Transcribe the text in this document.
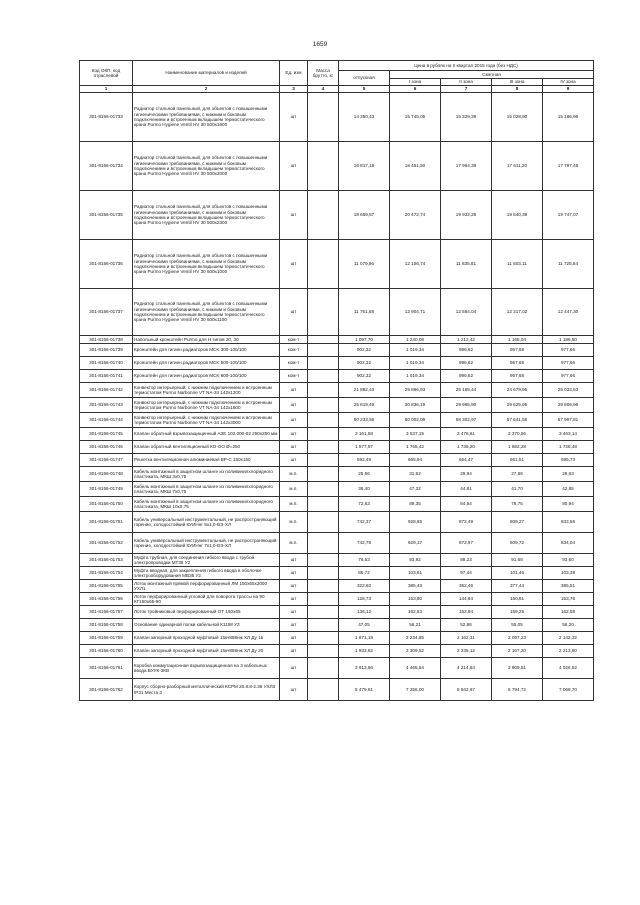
1659
Код ОКП, код отраслевой	Наименование материалов и изделий	Ед. изм	Масса брутто, кг	Цена в рублях на II квартал 2015 года (без НДС)				
				отпускная	Сметная			
					I зона	II зона	III зона	IV зона
1	2	3	4	5	6	7	8	9
301-8156-01733	Радиатор стальной панельный, для объектов с повышенными гигиеническими требованиями, с нижним и боковым подключением и встроенным вкладышем термостатического крана Purmo Hygiene Ventil HV 30 500x1600	шт		14 350,43	15 745,05	15 329,39	15 028,90	15 186,96
301-8156-01734	Радиатор стальной панельный, для объектов с повышенными гигиеническими требованиями, с нижним и боковым подключением и встроенным вкладышем термостатического крана Purmo Hygiene Ventil HV 30 500x2000	шт		16 817,18	18 451,50	17 964,39	17 611,20	17 797,48
301-8156-01735	Радиатор стальной панельный, для объектов с повышенными гигиеническими требованиями, с нижним и боковым подключением и встроенным вкладышем термостатического крана Purmo Hygiene Ventil HV 30 500x2300	шт		18 659,57	20 472,74	19 932,28	19 540,39	19 747,07
301-8156-01736	Радиатор стальной панельный, для объектов с повышенными гигиеническими требованиями, с нижним и боковым подключением и встроенным вкладышем термостатического крана Purmo Hygiene Ventil HV 30 600x1000	шт		11 079,96	12 156,74	11 835,81	11 603,11	11 725,84
301-8156-01737	Радиатор стальной панельный, для объектов с повышенными гигиеническими требованиями, с нижним и боковым подключением и встроенным вкладышем термостатического крана Purmo Hygiene Ventil HV 30 600x1100	шт		11 761,68	12 904,71	12 564,04	12 317,02	12 447,30
301-8156-01738	Напольный кронштейн Purmo для H типов 20, 30	ком-т		1 097,70	1 240,08	1 212,42	1 165,04	1 186,50
301-8156-01739	Кронштейн для гигиен.радиаторов MCK 300-100/100	ком-т		902,32	1 019,34	996,62	957,68	977,66
301-8156-01740	Кронштейн для гигиен.радиаторов MCK 500-100/100	ком-т		902,32	1 019,34	996,62	957,68	977,66
301-8156-01741	Кронштейн для гигиен.радиаторов MCK 600-100/100	ком-т		902,32	1 019,34	996,62	957,68	977,66
301-8156-01742	Конвектор интерьерный, с нижним подключением и встроенным термостатом Purmo Narbonne VT NA-34 142x1200	шт		21 882,43	25 896,93	25 165,44	24 679,95	25 033,63
301-8156-01743	Конвектор интерьерный, с нижним подключением и встроенным термостатом Purmo Narbonne VT NA-34 142x1600	шт		25 819,49	30 836,19	29 965,90	29 625,95	29 806,96
301-8156-01744	Конвектор интерьерный, с нижним подключением и встроенным термостатом Purmo Narbonne VT NA-34 142x3000	шт		50 233,56	60 002,09	58 302,97	57 641,55	57 997,81
301-8156-01745	Клапан обратный взрывозащищенный АЗЕ 102.000-02 250x250 мм	шт		3 161,58	3 537,15	3 476,61	3 370,56	3 463,14
301-8156-01746	Клапан обратный вентиляционный КО-ОО Ø=250	шт		1 577,97	1 765,42	1 735,20	1 682,28	1 728,48
301-8156-01747	Решетка вентиляционная алюминиевая ВР-С 150x150	шт		592,49	665,94	654,47	661,51	695,73
301-8156-01748	Кабель монтажный в защитном шланге из поливинилхлоридного пластиката, МКШ 3x0,75	м.п.		25,66	31,62	29,94	27,86	28,63
301-8156-01749	Кабель монтажный в защитном шланге из поливинилхлоридного пластиката, МКШ 7x0,75	м.п.		36,40	47,32	44,81	41,70	42,85
301-8156-01750	Кабель монтажный в защитном шланге из поливинилхлоридного пластиката, МКШ 10x0,75	м.п.		72,53	89,35	84,64	78,75	80,94
301-8156-01751	Кабель универсальный инструментальный, не распространяющий горение, холодостойкий КУИНнг 5x1,0-ВЭ-ХЛ	м.п.		742,37	928,65	872,49	809,27	833,56
301-8156-01752	Кабель универсальный инструментальный, не распространяющий горение, холодостойкий КУИНнг 7x1,0-ВЭ-ХЛ	м.п.		742,78	929,17	872,97	809,72	834,04
301-8156-01753	Муфта трубная, для соединения гибкого ввода с трубой электропроводки МТ35 У2	шт		76,53	93,92	88,23	91,68	93,60
301-8156-01754	Муфта вводная, для закрепления гибкого ввода в оболочке электрооборудования МВ36 У2	шт		86,72	103,61	97,44	101,46	103,38
301-8156-01755	Лоток монтажный прямой перфорированный ЛМ 150x65x2000 УХЛ1	шт		322,60	385,43	362,46	377,44	385,51
301-8156-01756	Лоток перфорированный угловой для поворота трассы на 90 КГ150x65-90	шт		128,73	153,80	144,64	150,61	153,76
301-8156-01757	Лоток тройниковый перфорированный ОТ 150x65	шт		136,12	162,63	152,94	159,25	162,58
301-8156-01758	Основание одинарной полки кабельной К1158 УЗ	шт		47,05	56,21	52,86	55,05	56,20
301-8156-01759	Клапан запорный проходной муфтовый 15кч888нж ХЛ Ду 15	шт		1 871,19	2 234,65	2 162,31	2 097,23	2 142,32
301-8156-01760	Клапан запорный проходной муфтовый 15кч888нж ХЛ Ду 20	шт		1 933,82	2 309,52	2 235,12	2 167,20	2 213,80
301-8156-01761	Коробка коммутационная взрывозащищенная на 3 кабельных ввода ВУУК-3КВ	шт		3 613,56	4 465,54	4 214,84	3 909,51	4 026,52
301-8156-01762	Корпус сборно-разборный металлический КСРМ 20.8.8-2.36 УХЛ3 IP31 Места 3	шт		5 479,61	7 256,00	6 942,67	6 794,72	7 068,70
